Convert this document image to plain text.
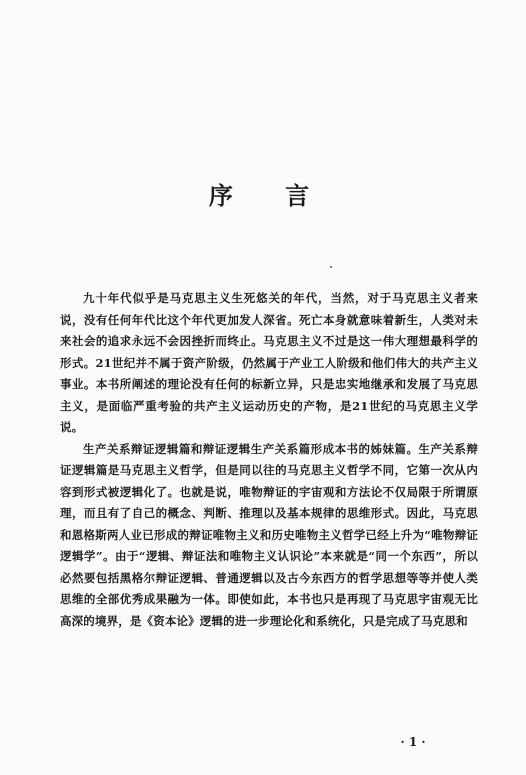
序 言

九十年代似乎是马克思主义生死悠关的年代，当然，对于马克思主义者来说，没有任何年代比这个年代更加发人深省。死亡本身就意味着新生，人类对未来社会的追求永远不会因挫折而终止。马克思主义不过是这一伟大理想最科学的形式。21世纪并不属于资产阶级，仍然属于产业工人阶级和他们伟大的共产主义事业。本书所阐述的理论没有任何的标新立异，只是忠实地继承和发展了马克思主义，是面临严重考验的共产主义运动历史的产物，是21世纪的马克思主义学说。

生产关系辩证逻辑篇和辩证逻辑生产关系篇形成本书的姊妹篇。生产关系辩证逻辑篇是马克思主义哲学，但是同以往的马克思主义哲学不同，它第一次从内容到形式被逻辑化了。也就是说，唯物辩证的宇宙观和方法论不仅局限于所谓原理，而且有了自己的概念、判断、推理以及基本规律的思维形式。因此，马克思和恩格斯两人业已形成的辩证唯物主义和历史唯物主义哲学已经上升为“唯物辩证逻辑学”。由于“逻辑、辩证法和唯物主义认识论”本来就是“同一个东西”，所以必然要包括黑格尔辩证逻辑、普通逻辑以及古今东西方的哲学思想等等并使人类思维的全部优秀成果融为一体。即使如此，本书也只是再现了马克思宇宙观无比高深的境界，是《资本论》逻辑的进一步理论化和系统化，只是完成了马克思和

· 1 ·
